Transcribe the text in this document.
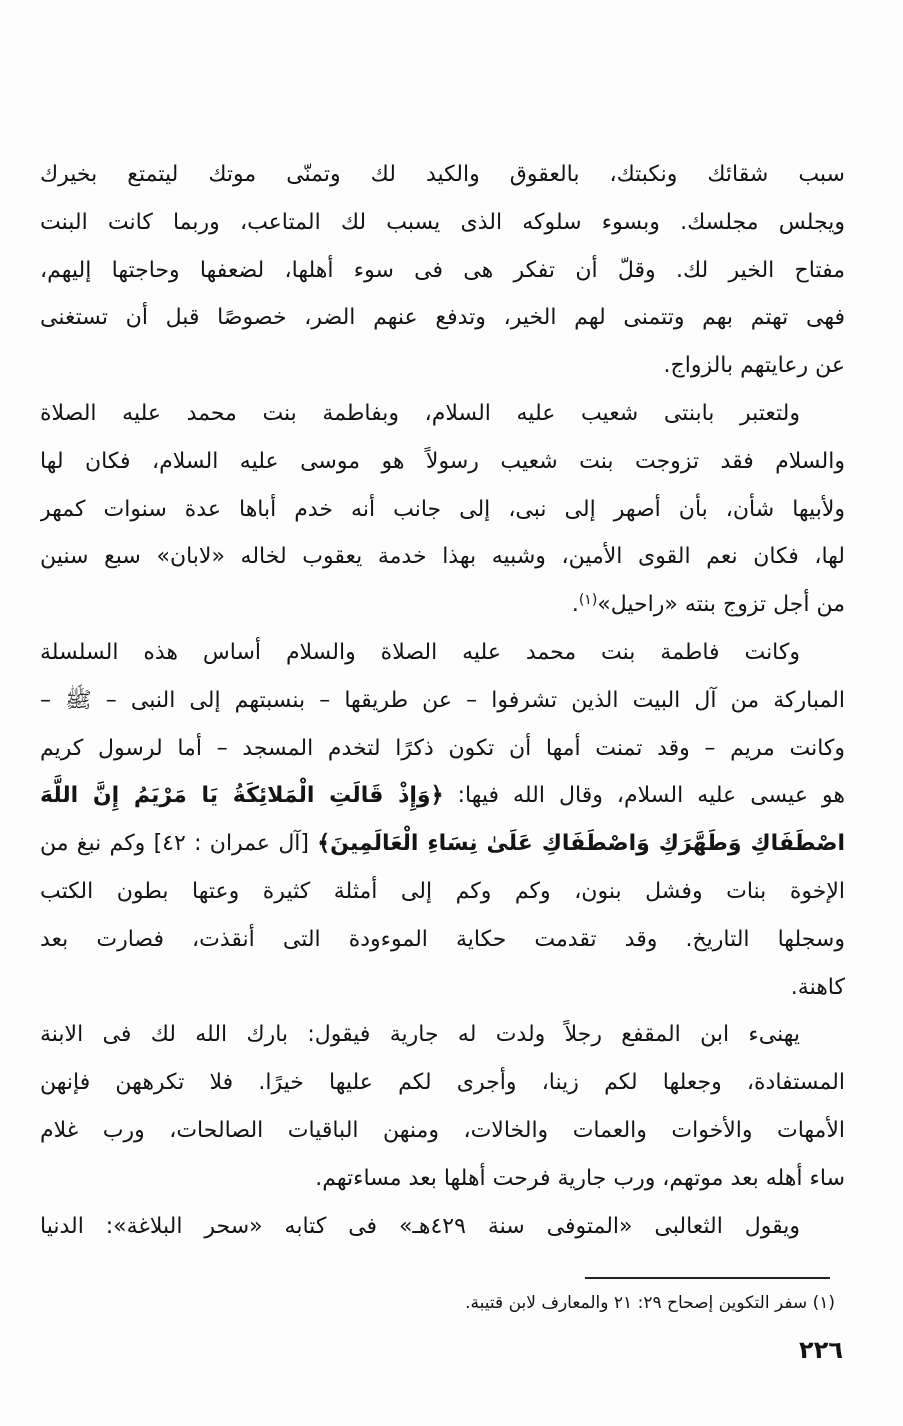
سبب شقائك ونكبتك، بالعقوق والكيد لك وتمنّى موتك ليتمتع بخيرك
ويجلس مجلسك. وبسوء سلوكه الذى يسبب لك المتاعب، وربما كانت البنت
مفتاح الخير لك. وقلّ أن تفكر هى فى سوء أهلها، لضعفها وحاجتها إليهم،
فهى تهتم بهم وتتمنى لهم الخير، وتدفع عنهم الضر، خصوصًا قبل أن تستغنى
عن رعايتهم بالزواج.
ولتعتبر بابنتى شعيب عليه السلام، وبفاطمة بنت محمد عليه الصلاة
والسلام فقد تزوجت بنت شعيب رسولاً هو موسى عليه السلام، فكان لها
ولأبيها شأن، بأن أصهر إلى نبى، إلى جانب أنه خدم أباها عدة سنوات كمهر
لها، فكان نعم القوى الأمين، وشبيه بهذا خدمة يعقوب لخاله «لابان» سبع سنين
من أجل تزوج بنته «راحيل»$^{(١)}$.
وكانت فاطمة بنت محمد عليه الصلاة والسلام أساس هذه السلسلة
المباركة من آل البيت الذين تشرفوا – عن طريقها – بنسبتهم إلى النبى – ﷺ –
وكانت مريم – وقد تمنت أمها أن تكون ذكرًا لتخدم المسجد – أما لرسول كريم
هو عيسى عليه السلام، وقال الله فيها: ﴿وَإِذْ قَالَتِ الْمَلائِكَةُ يَا مَرْيَمُ إِنَّ اللَّهَ
اصْطَفَاكِ وَطَهَّرَكِ وَاصْطَفَاكِ عَلَىٰ نِسَاءِ الْعَالَمِينَ﴾ [آل عمران : ٤٢] وكم نبغ من
الإخوة بنات وفشل بنون، وكم وكم إلى أمثلة كثيرة وعتها بطون الكتب
وسجلها التاريخ. وقد تقدمت حكاية الموءودة التى أنقذت، فصارت بعد
كاهنة.
يهنىء ابن المقفع رجلاً ولدت له جارية فيقول: بارك الله لك فى الابنة
المستفادة، وجعلها لكم زينا، وأجرى لكم عليها خيرًا. فلا تكرههن فإنهن
الأمهات والأخوات والعمات والخالات، ومنهن الباقيات الصالحات، ورب غلام
ساء أهله بعد موتهم، ورب جارية فرحت أهلها بعد مساءتهم.
ويقول الثعالبى «المتوفى سنة ٤٢٩هـ» فى كتابه «سحر البلاغة»: الدنيا
(١) سفر التكوين إصحاح ٢٩: ٢١ والمعارف لابن قتيبة.
٢٢٦
